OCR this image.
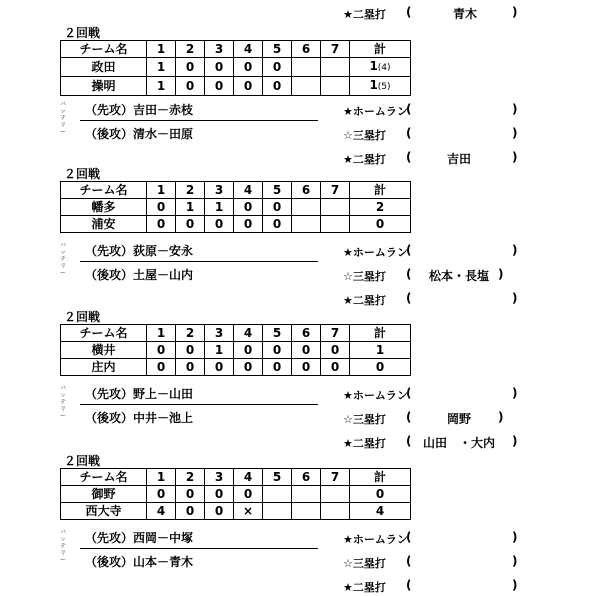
★二塁打 (	青木	)
２回戦
チーム名	1	2	3	4	5	6	7	計
政田	1	0	0	0	0			1(4)
操明	1	0	0	0	0			1(5)
バ
ッ
テ
リ
ー

（先攻）吉田－赤枝
（後攻）清水－田原
★ホームラン
(	)
☆三塁打 (	)
★二塁打 (	吉田	)
２回戦
チーム名	1	2	3	4	5	6	7	計
幡多	0	1	1	0	0			2
浦安	0	0	0	0	0			0
バ
ッ
テ
リ
ー

（先攻）荻原－安永
（後攻）土屋－山内
★ホームラン
(	)
☆三塁打 (	松本・長塩 )
★二塁打 (	)
２回戦
チーム名	1	2	3	4	5	6	7	計
横井	0	0	1	0	0	0	0	1
庄内	0	0	0	0	0	0	0	0
バ
ッ
テ
リ
ー

（先攻）野上－山田
（後攻）中井－池上
★ホームラン
(	)
☆三塁打 (	岡野	)
★二塁打 ( 山田　・大内	)
２回戦
チーム名	1	2	3	4	5	6	7	計
御野	0	0	0	0				0
西大寺	4	0	0	×				4
バ
ッ
テ
リ
ー

（先攻）西岡－中塚
（後攻）山本－青木
★ホームラン
(	)
☆三塁打 (	)
★二塁打 (	)
